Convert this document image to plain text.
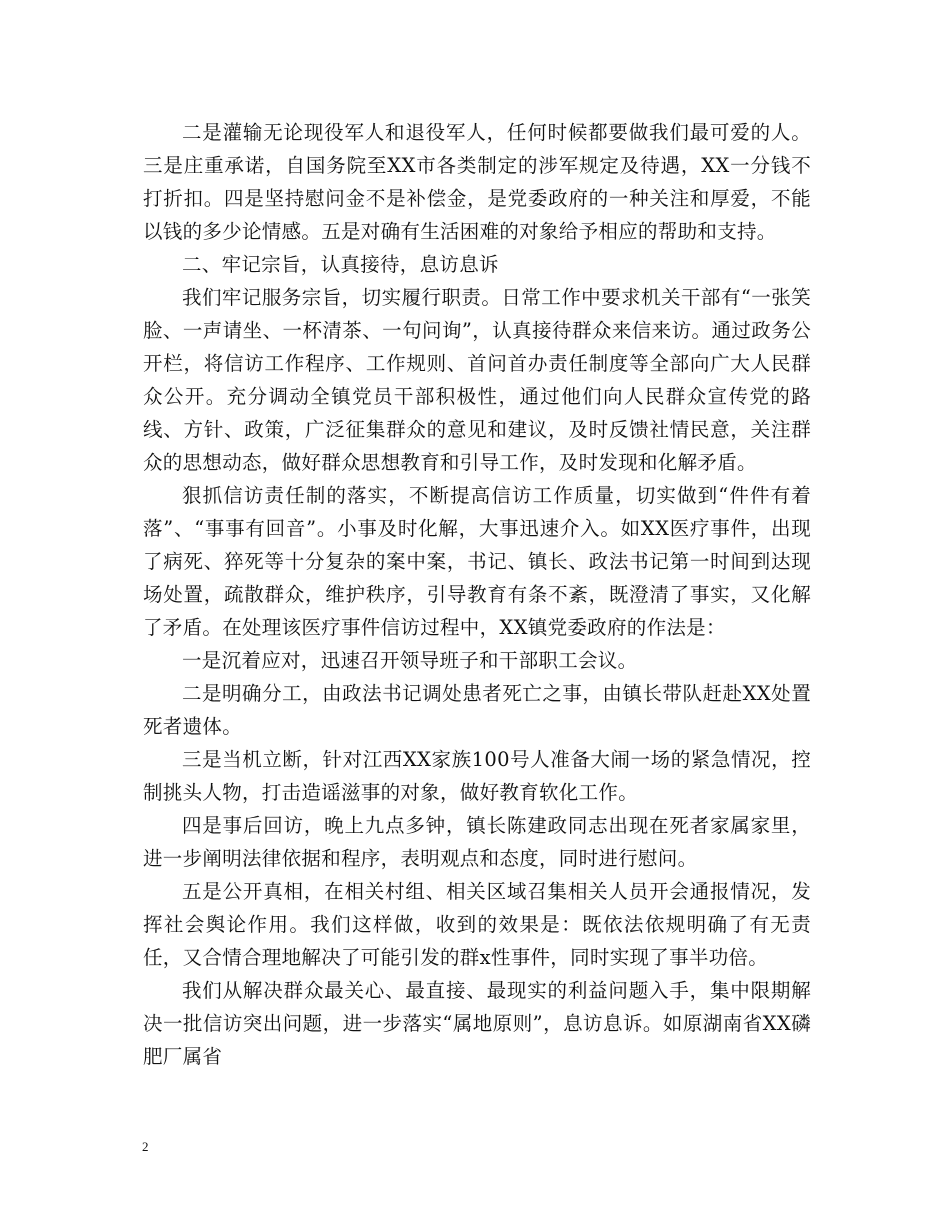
二是灌输无论现役军人和退役军人，任何时候都要做我们最可爱的人。三是庄重承诺，自国务院至XX市各类制定的涉军规定及待遇，XX一分钱不打折扣。四是坚持慰问金不是补偿金，是党委政府的一种关注和厚爱，不能以钱的多少论情感。五是对确有生活困难的对象给予相应的帮助和支持。

二、牢记宗旨，认真接待，息访息诉

我们牢记服务宗旨，切实履行职责。日常工作中要求机关干部有“一张笑脸、一声请坐、一杯清茶、一句问询”，认真接待群众来信来访。通过政务公开栏，将信访工作程序、工作规则、首问首办责任制度等全部向广大人民群众公开。充分调动全镇党员干部积极性，通过他们向人民群众宣传党的路线、方针、政策，广泛征集群众的意见和建议，及时反馈社情民意，关注群众的思想动态，做好群众思想教育和引导工作，及时发现和化解矛盾。

狠抓信访责任制的落实，不断提高信访工作质量，切实做到“件件有着落”、“事事有回音”。小事及时化解，大事迅速介入。如XX医疗事件，出现了病死、猝死等十分复杂的案中案，书记、镇长、政法书记第一时间到达现场处置，疏散群众，维护秩序，引导教育有条不紊，既澄清了事实，又化解了矛盾。在处理该医疗事件信访过程中，XX镇党委政府的作法是：

一是沉着应对，迅速召开领导班子和干部职工会议。

二是明确分工，由政法书记调处患者死亡之事，由镇长带队赶赴XX处置死者遗体。

三是当机立断，针对江西XX家族100号人准备大闹一场的紧急情况，控制挑头人物，打击造谣滋事的对象，做好教育软化工作。

四是事后回访，晚上九点多钟，镇长陈建政同志出现在死者家属家里，进一步阐明法律依据和程序，表明观点和态度，同时进行慰问。

五是公开真相，在相关村组、相关区域召集相关人员开会通报情况，发挥社会舆论作用。我们这样做，收到的效果是：既依法依规明确了有无责任，又合情合理地解决了可能引发的群x性事件，同时实现了事半功倍。

我们从解决群众最关心、最直接、最现实的利益问题入手，集中限期解决一批信访突出问题，进一步落实“属地原则”，息访息诉。如原湖南省XX磷肥厂属省

2
